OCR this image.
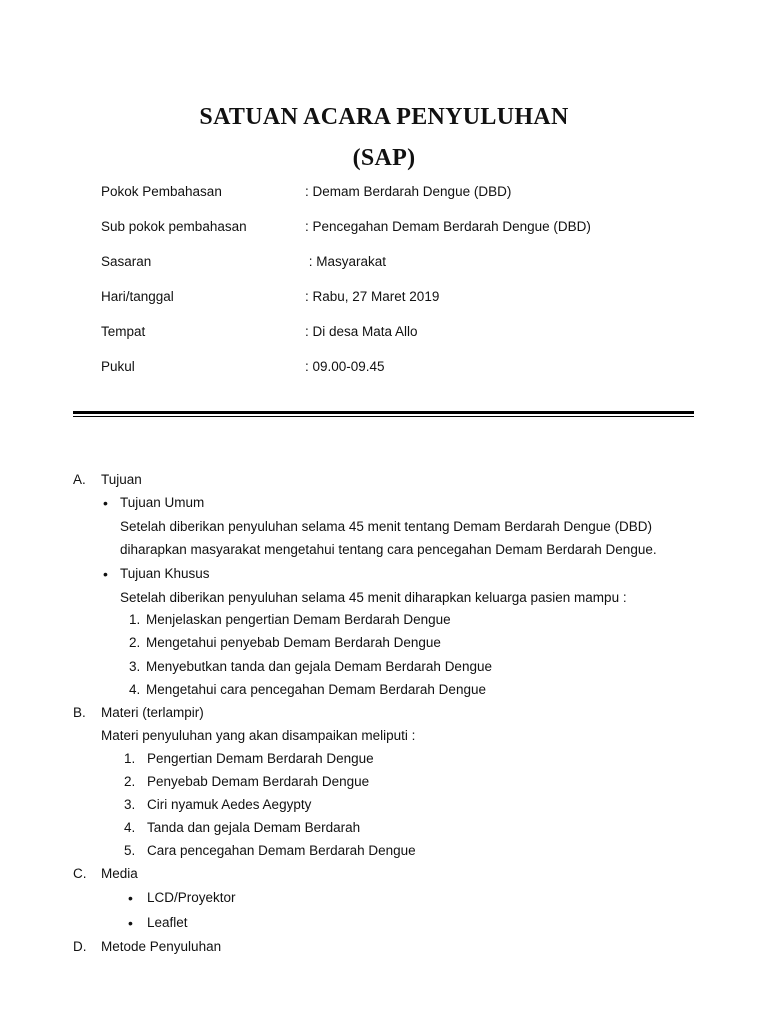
SATUAN ACARA PENYULUHAN
(SAP)
Pokok Pembahasan	: Demam Berdarah Dengue (DBD)
Sub pokok pembahasan	: Pencegahan Demam Berdarah Dengue (DBD)
Sasaran	: Masyarakat
Hari/tanggal	: Rabu, 27 Maret 2019
Tempat	: Di desa Mata Allo
Pukul	: 09.00-09.45
A. Tujuan
• Tujuan Umum
Setelah diberikan penyuluhan selama 45 menit tentang Demam Berdarah Dengue (DBD)
diharapkan masyarakat mengetahui tentang cara pencegahan Demam Berdarah Dengue.
• Tujuan Khusus
Setelah diberikan penyuluhan selama 45 menit diharapkan keluarga pasien mampu :
1. Menjelaskan pengertian Demam Berdarah Dengue
2. Mengetahui penyebab Demam Berdarah Dengue
3. Menyebutkan tanda dan gejala Demam Berdarah Dengue
4. Mengetahui cara pencegahan Demam Berdarah Dengue
B. Materi (terlampir)
Materi penyuluhan yang akan disampaikan meliputi :
1. Pengertian Demam Berdarah Dengue
2. Penyebab Demam Berdarah Dengue
3. Ciri nyamuk Aedes Aegypty
4. Tanda dan gejala Demam Berdarah
5. Cara pencegahan Demam Berdarah Dengue
C. Media
• LCD/Proyektor
• Leaflet
D. Metode Penyuluhan
